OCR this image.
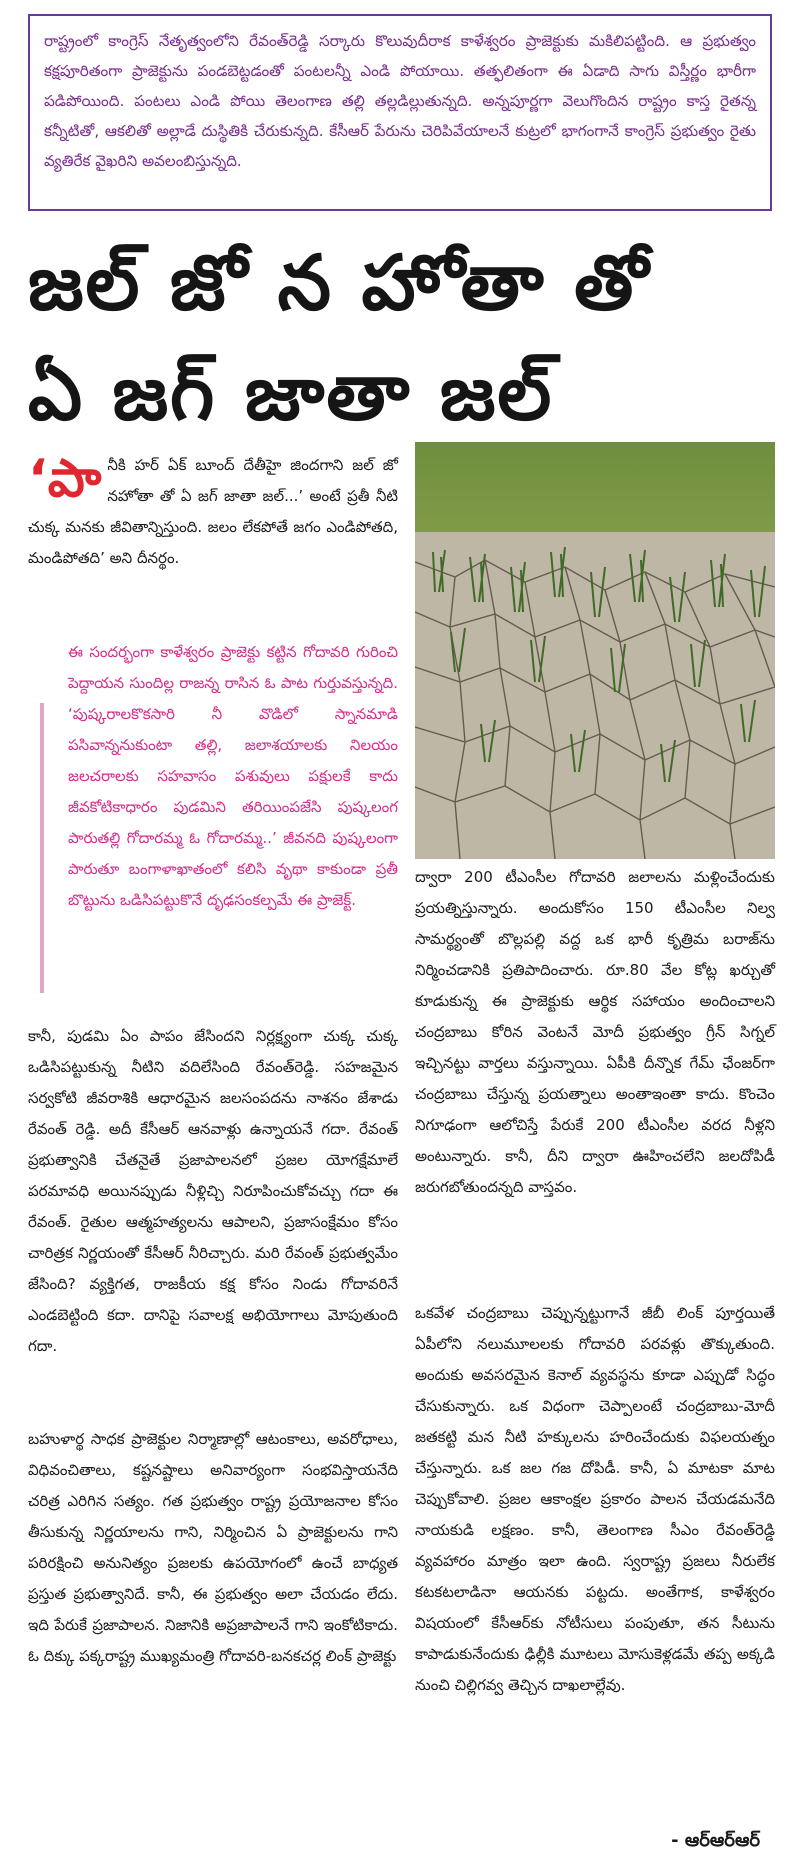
రాష్ట్రంలో కాంగ్రెస్ నేతృత్వంలోని రేవంత్‌రెడ్డి సర్కారు కొలువుదీరాక కాళేశ్వరం ప్రాజెక్టుకు మకిలిపట్టింది. ఆ ప్రభుత్వం కక్షపూరితంగా ప్రాజెక్టును పండబెట్టడంతో పంటలన్నీ ఎండి పోయాయి. తత్ఫలితంగా ఈ ఏడాది సాగు విస్తీర్ణం భారీగా పడిపోయింది. పంటలు ఎండి పోయి తెలంగాణ తల్లి తల్లడిల్లుతున్నది. అన్నపూర్ణగా వెలుగొందిన రాష్ట్రం కాస్త రైతన్న కన్నీటితో, ఆకలితో అల్లాడే దుస్థితికి చేరుకున్నది. కేసీఆర్ పేరును చెరిపివేయాలనే కుట్రలో భాగంగానే కాంగ్రెస్ ప్రభుత్వం రైతు వ్యతిరేక వైఖరిని అవలంబిస్తున్నది.
జల్ జో న హోతా తో
ఏ జగ్ జాతా జల్
‘పా నీకి హర్ ఏక్ బూంద్ దేతీహై జిందగాని జల్ జో నహోతా తో ఏ జగ్ జాతా జల్...’ అంటే ప్రతీ నీటి చుక్క మనకు జీవితాన్నిస్తుంది. జలం లేకపోతే జగం ఎండిపోతది, మండిపోతది’ అని దీనర్థం.
ఈ సందర్భంగా కాళేశ్వరం ప్రాజెక్టు కట్టిన గోదావరి గురించి పెద్దాయన సుందిల్ల రాజన్న రాసిన ఓ పాట గుర్తువస్తున్నది. ‘పుష్కరాలకొకసారి నీ వొడిలో స్నానమాడి పసివాన్ననుకుంటా తల్లి, జలాశయాలకు నిలయం జలచరాలకు సహవాసం పశువులు పక్షులకే కాదు జీవకోటికాధారం పుడమిని తరియింపజేసి పుష్కలంగ పారుతల్లి గోదారమ్మ ఓ గోదారమ్మ..’ జీవనది పుష్కలంగా పారుతూ బంగాళాఖాతంలో కలిసి వృథా కాకుండా ప్రతీ బొట్టును ఒడిసిపట్టుకొనే దృఢసంకల్పమే ఈ ప్రాజెక్ట్.
కానీ, పుడమి ఏం పాపం జేసిందని నిర్లక్ష్యంగా చుక్క చుక్క ఒడిసిపట్టుకున్న నీటిని వదిలేసింది రేవంత్‌రెడ్డి. సహజమైన సర్వకోటి జీవరాశికి ఆధారమైన జలసంపదను నాశనం జేశాడు రేవంత్ రెడ్డి. అదీ కేసీఆర్ ఆనవాళ్లు ఉన్నాయనే గదా. రేవంత్ ప్రభుత్వానికి చేతనైతే ప్రజాపాలనలో ప్రజల యోగక్షేమాలే పరమావధి అయినప్పుడు నీళ్లిచ్చి నిరూపించుకోవచ్చు గదా ఈ రేవంత్. రైతుల ఆత్మహత్యలను ఆపాలని, ప్రజాసంక్షేమం కోసం చారిత్రక నిర్ణయంతో కేసీఆర్ నీరిచ్చారు. మరి రేవంత్ ప్రభుత్వమేం జేసింది? వ్యక్తిగత, రాజకీయ కక్ష కోసం నిండు గోదావరినే ఎండబెట్టింది కదా. దానిపై సవాలక్ష అభియోగాలు మోపుతుంది గదా.
బహుళార్థ సాధక ప్రాజెక్టుల నిర్మాణాల్లో ఆటంకాలు, అవరోధాలు, విధివంచితాలు, కష్టనష్టాలు అనివార్యంగా సంభవిస్తాయనేది చరిత్ర ఎరిగిన సత్యం. గత ప్రభుత్వం రాష్ట్ర ప్రయోజనాల కోసం తీసుకున్న నిర్ణయాలను గాని, నిర్మించిన ఏ ప్రాజెక్టులను గాని పరిరక్షించి అనునిత్యం ప్రజలకు ఉపయోగంలో ఉంచే బాధ్యత ప్రస్తుత ప్రభుత్వానిదే. కానీ, ఈ ప్రభుత్వం అలా చేయడం లేదు. ఇది పేరుకే ప్రజాపాలన. నిజానికి అప్రజాపాలనే గాని ఇంకోటికాదు. ఓ దిక్కు పక్కరాష్ట్ర ముఖ్యమంత్రి గోదావరి-బనకచర్ల లింక్ ప్రాజెక్టు
ద్వారా 200 టీఎంసీల గోదావరి జలాలను మళ్లించేందుకు ప్రయత్నిస్తున్నారు. అందుకోసం 150 టీఎంసీల నిల్వ సామర్థ్యంతో బొల్లపల్లి వద్ద ఒక భారీ కృత్రిమ బరాజ్‌ను నిర్మించడానికి ప్రతిపాదించారు. రూ.80 వేల కోట్ల ఖర్చుతో కూడుకున్న ఈ ప్రాజెక్టుకు ఆర్థిక సహాయం అందించాలని చంద్రబాబు కోరిన వెంటనే మోదీ ప్రభుత్వం గ్రీన్ సిగ్నల్ ఇచ్చినట్టు వార్తలు వస్తున్నాయి. ఏపీకి దీన్నొక గేమ్ ఛేంజర్‌గా చంద్రబాబు చేస్తున్న ప్రయత్నాలు అంతాఇంతా కాదు. కొంచెం నిగూఢంగా ఆలోచిస్తే పేరుకే 200 టీఎంసీల వరద నీళ్లని అంటున్నారు. కానీ, దీని ద్వారా ఊహించలేని జలదోపిడీ జరుగబోతుందన్నది వాస్తవం.
ఒకవేళ చంద్రబాబు చెప్పున్నట్టుగానే జీబీ లింక్ పూర్తయితే ఏపీలోని నలుమూలలకు గోదావరి పరవళ్లు తొక్కుతుంది. అందుకు అవసరమైన కెనాల్ వ్యవస్థను కూడా ఎప్పుడో సిద్ధం చేసుకున్నారు. ఒక విధంగా చెప్పాలంటే చంద్రబాబు-మోదీ జతకట్టి మన నీటి హక్కులను హరించేందుకు విఫలయత్నం చేస్తున్నారు. ఒక జల గజ దోపిడీ. కానీ, ఏ మాటకా మాట చెప్పుకోవాలి. ప్రజల ఆకాంక్షల ప్రకారం పాలన చేయడమనేది నాయకుడి లక్షణం. కానీ, తెలంగాణ సీఎం రేవంత్‌రెడ్డి వ్యవహారం మాత్రం ఇలా ఉంది. స్వరాష్ట్ర ప్రజలు నీరులేక కటకటలాడినా ఆయనకు పట్టదు. అంతేగాక, కాళేశ్వరం విషయంలో కేసీఆర్‌కు నోటీసులు పంపుతూ, తన సీటును కాపాడుకునేందుకు ఢిల్లీకి మూటలు మోసుకెళ్లడమే తప్ప అక్కడి నుంచి చిల్లిగవ్వ తెచ్చిన దాఖలాల్లేవు.
- ఆర్‌ఆర్‌ఆర్
